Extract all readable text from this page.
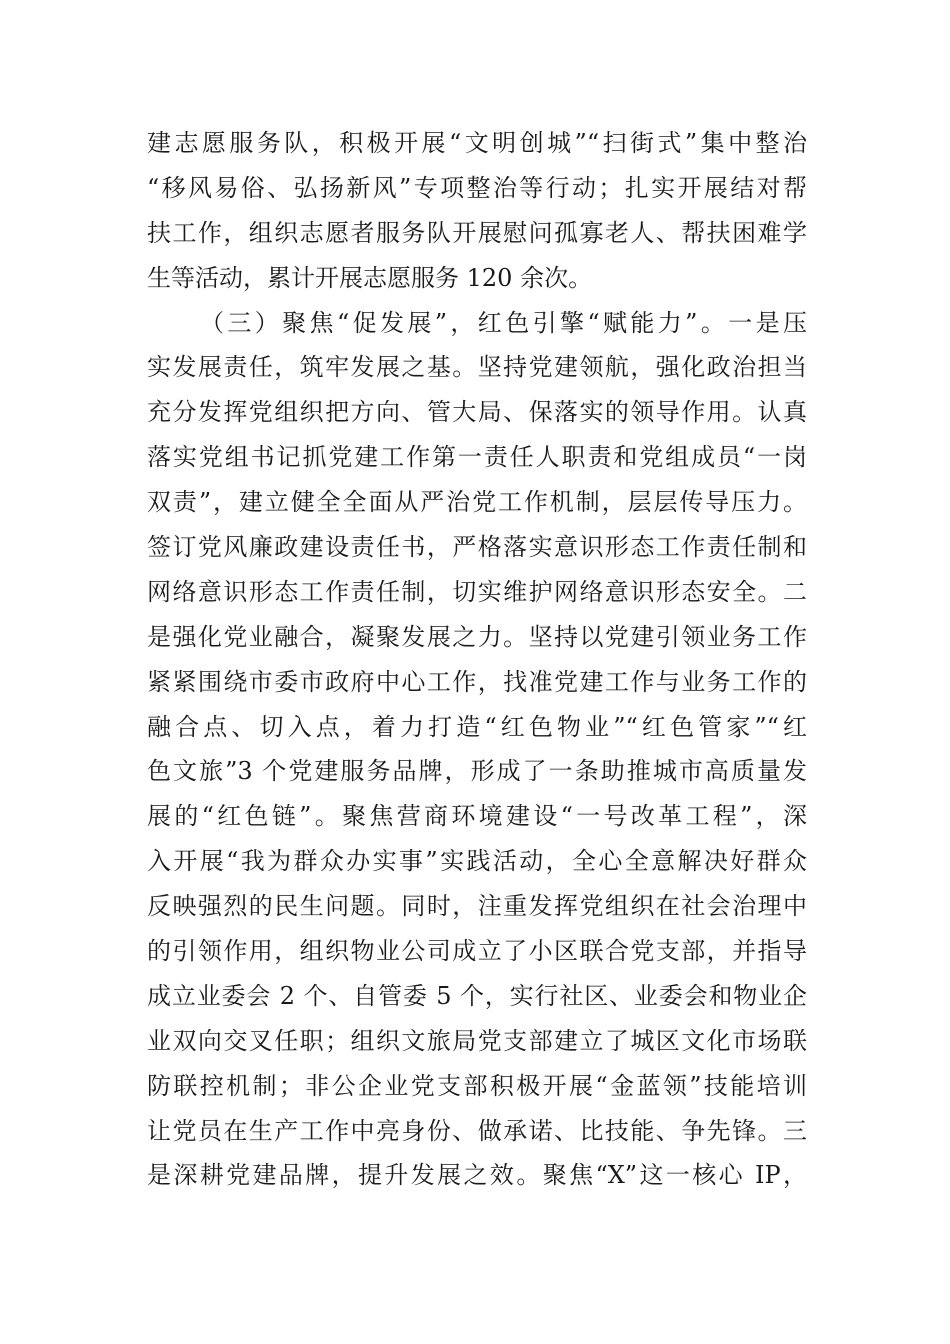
建志愿服务队，积极开展“文明创城”“扫街式”集中整治
“移风易俗、弘扬新风”专项整治等行动；扎实开展结对帮
扶工作，组织志愿者服务队开展慰问孤寡老人、帮扶困难学
生等活动，累计开展志愿服务 120 余次。
（三）聚焦“促发展”，红色引擎“赋能力”。一是压
实发展责任，筑牢发展之基。坚持党建领航，强化政治担当
充分发挥党组织把方向、管大局、保落实的领导作用。认真
落实党组书记抓党建工作第一责任人职责和党组成员“一岗
双责”，建立健全全面从严治党工作机制，层层传导压力。
签订党风廉政建设责任书，严格落实意识形态工作责任制和
网络意识形态工作责任制，切实维护网络意识形态安全。二
是强化党业融合，凝聚发展之力。坚持以党建引领业务工作
紧紧围绕市委市政府中心工作，找准党建工作与业务工作的
融合点、切入点，着力打造“红色物业”“红色管家”“红
色文旅”3 个党建服务品牌，形成了一条助推城市高质量发
展的“红色链”。聚焦营商环境建设“一号改革工程”，深
入开展“我为群众办实事”实践活动，全心全意解决好群众
反映强烈的民生问题。同时，注重发挥党组织在社会治理中
的引领作用，组织物业公司成立了小区联合党支部，并指导
成立业委会 2 个、自管委 5 个，实行社区、业委会和物业企
业双向交叉任职；组织文旅局党支部建立了城区文化市场联
防联控机制；非公企业党支部积极开展“金蓝领”技能培训
让党员在生产工作中亮身份、做承诺、比技能、争先锋。三
是深耕党建品牌，提升发展之效。聚焦“X”这一核心 IP，
